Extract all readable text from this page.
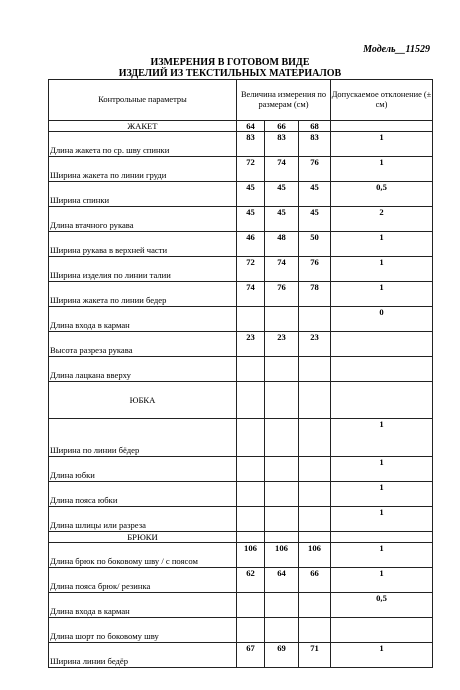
Модель__11529
ИЗМЕРЕНИЯ В ГОТОВОМ ВИДЕ
ИЗДЕЛИЙ ИЗ ТЕКСТИЛЬНЫХ МАТЕРИАЛОВ
Контрольные параметры	Величина измерения по размерам (см)			Допускаемое отклонение (± см)
ЖАКЕТ	64	66	68	
Длина жакета по ср. шву спинки	83	83	83	1
Ширина жакета по линии груди	72	74	76	1
Ширина спинки	45	45	45	0,5
Длина втачного рукава	45	45	45	2
Ширина рукава в верхней части	46	48	50	1
Ширина изделия по линии талии	72	74	76	1
Ширина жакета по линии бедер	74	76	78	1
Длина входа в карман				0
Высота разреза рукава	23	23	23	
Длина лацкана вверху				
ЮБКА				
Ширина по линии бёдер				1
Длина юбки				1
Длина пояса юбки				1
Длина шлицы или разреза				1
БРЮКИ				
Длина брюк по боковому шву / с поясом	106	106	106	1
Длина пояса брюк/ резинка	62	64	66	1
Длина входа в карман				0,5
Длина шорт по боковому шву				
Ширина линии бедёр	67	69	71	1
